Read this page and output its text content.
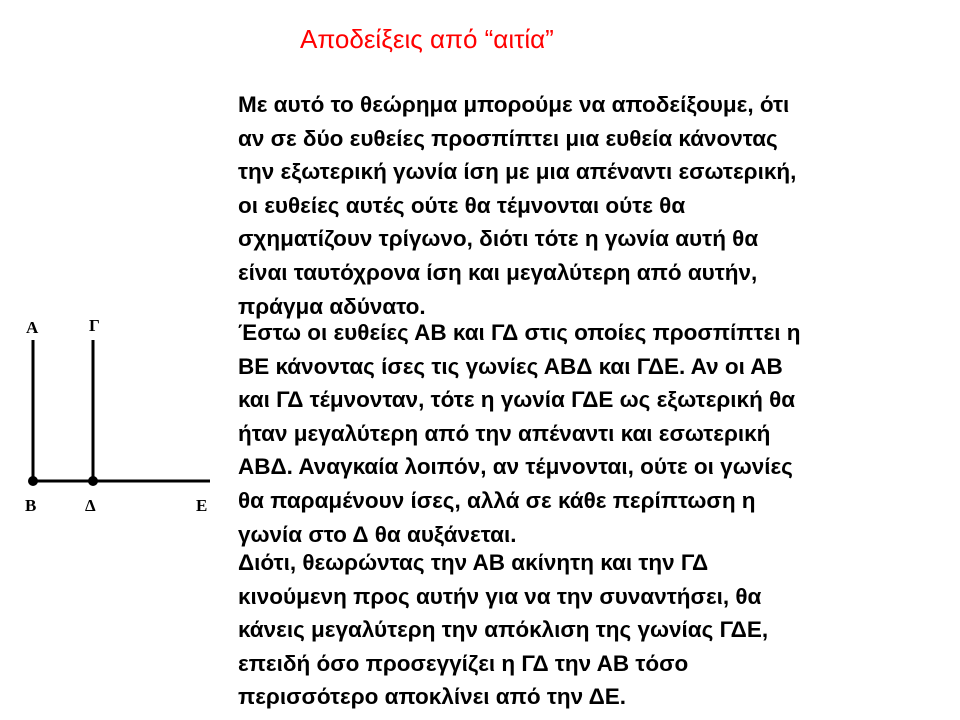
Αποδείξεις από “αιτία”
Α	Γ
Β	Δ	Ε

Με αυτό το θεώρημα μπορούμε να αποδείξουμε, ότι
αν σε δύο ευθείες προσπίπτει μια ευθεία κάνοντας
την εξωτερική γωνία ίση με μια απέναντι εσωτερική,
οι ευθείες αυτές ούτε θα τέμνονται ούτε θα
σχηματίζουν τρίγωνο, διότι τότε η γωνία αυτή θα
είναι ταυτόχρονα ίση και μεγαλύτερη από αυτήν,
πράγμα αδύνατο.

Έστω οι ευθείες ΑΒ και ΓΔ στις οποίες προσπίπτει η
ΒΕ κάνοντας ίσες τις γωνίες ΑΒΔ και ΓΔΕ. Αν οι ΑΒ
και ΓΔ τέμνονταν, τότε η γωνία ΓΔΕ ως εξωτερική θα
ήταν μεγαλύτερη από την απέναντι και εσωτερική
ΑΒΔ. Αναγκαία λοιπόν, αν τέμνονται, ούτε οι γωνίες
θα παραμένουν ίσες, αλλά σε κάθε περίπτωση η
γωνία στο Δ θα αυξάνεται.

Διότι, θεωρώντας την ΑΒ ακίνητη και την ΓΔ
κινούμενη προς αυτήν για να την συναντήσει, θα
κάνεις μεγαλύτερη την απόκλιση της γωνίας ΓΔΕ,
επειδή όσο προσεγγίζει η ΓΔ την ΑΒ τόσο
περισσότερο αποκλίνει από την ΔΕ.
